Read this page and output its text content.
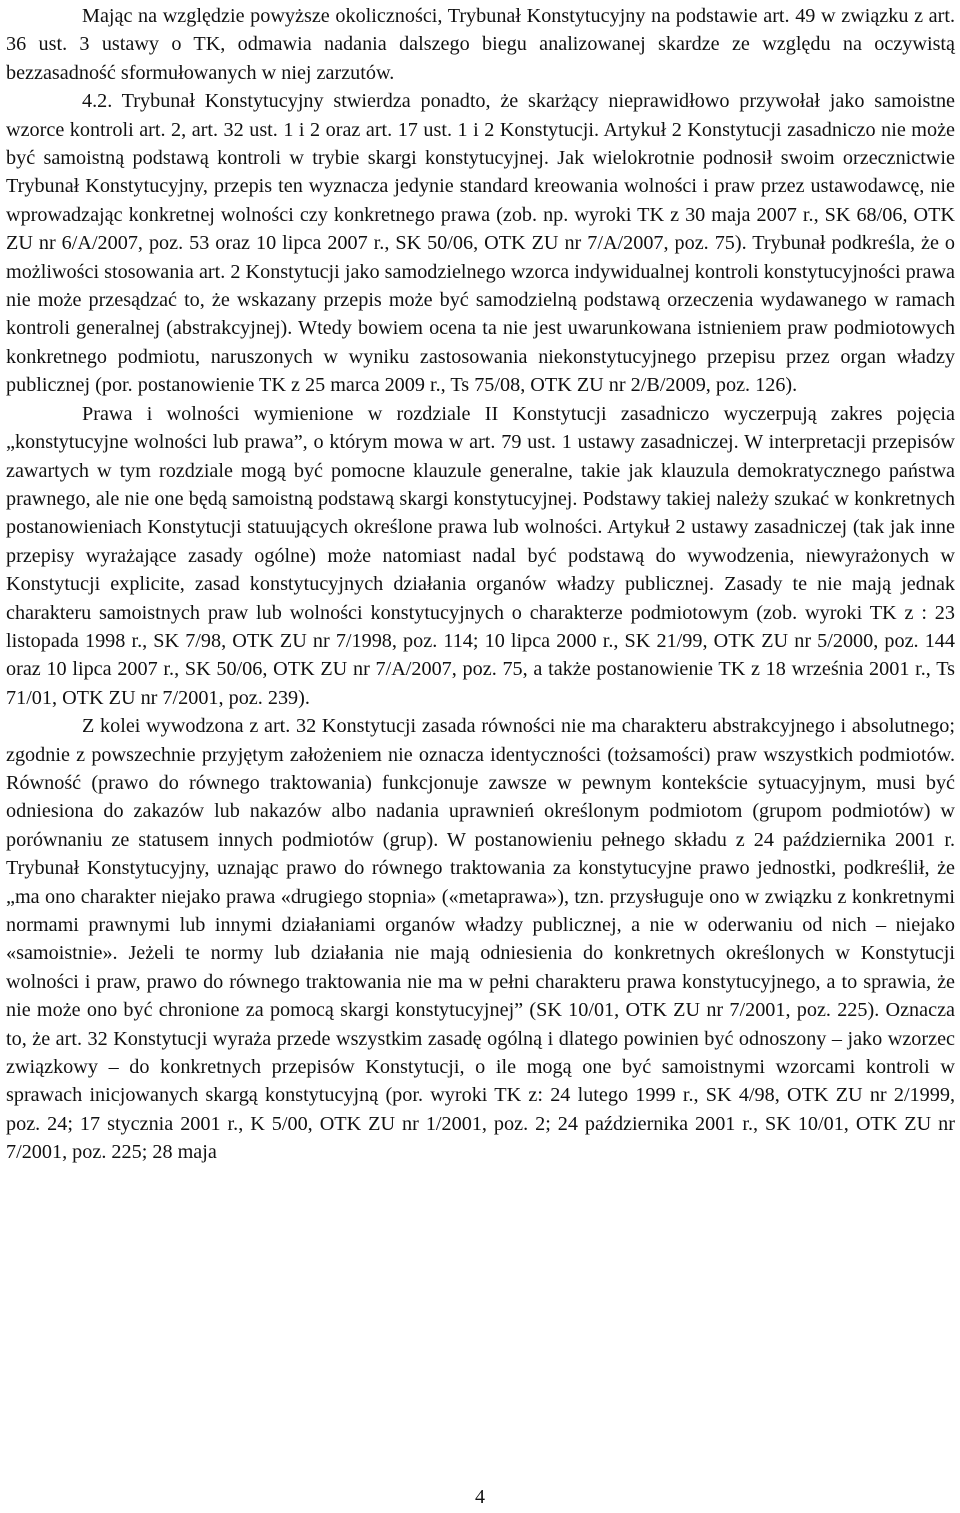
Mając na względzie powyższe okoliczności, Trybunał Konstytucyjny na podstawie art. 49 w związku z art. 36 ust. 3 ustawy o TK, odmawia nadania dalszego biegu analizowanej skardze ze względu na oczywistą bezzasadność sformułowanych w niej zarzutów.

4.2. Trybunał Konstytucyjny stwierdza ponadto, że skarżący nieprawidłowo przywołał jako samoistne wzorce kontroli art. 2, art. 32 ust. 1 i 2 oraz art. 17 ust. 1 i 2 Konstytucji. Artykuł 2 Konstytucji zasadniczo nie może być samoistną podstawą kontroli w trybie skargi konstytucyjnej. Jak wielokrotnie podnosił swoim orzecznictwie Trybunał Konstytucyjny, przepis ten wyznacza jedynie standard kreowania wolności i praw przez ustawodawcę, nie wprowadzając konkretnej wolności czy konkretnego prawa (zob. np. wyroki TK z 30 maja 2007 r., SK 68/06, OTK ZU nr 6/A/2007, poz. 53 oraz 10 lipca 2007 r., SK 50/06, OTK ZU nr 7/A/2007, poz. 75). Trybunał podkreśla, że o możliwości stosowania art. 2 Konstytucji jako samodzielnego wzorca indywidualnej kontroli konstytucyjności prawa nie może przesądzać to, że wskazany przepis może być samodzielną podstawą orzeczenia wydawanego w ramach kontroli generalnej (abstrakcyjnej). Wtedy bowiem ocena ta nie jest uwarunkowana istnieniem praw podmiotowych konkretnego podmiotu, naruszonych w wyniku zastosowania niekonstytucyjnego przepisu przez organ władzy publicznej (por. postanowienie TK z 25 marca 2009 r., Ts 75/08, OTK ZU nr 2/B/2009, poz. 126).

Prawa i wolności wymienione w rozdziale II Konstytucji zasadniczo wyczerpują zakres pojęcia „konstytucyjne wolności lub prawa”, o którym mowa w art. 79 ust. 1 ustawy zasadniczej. W interpretacji przepisów zawartych w tym rozdziale mogą być pomocne klauzule generalne, takie jak klauzula demokratycznego państwa prawnego, ale nie one będą samoistną podstawą skargi konstytucyjnej. Podstawy takiej należy szukać w konkretnych postanowieniach Konstytucji statuujących określone prawa lub wolności. Artykuł 2 ustawy zasadniczej (tak jak inne przepisy wyrażające zasady ogólne) może natomiast nadal być podstawą do wywodzenia, niewyrażonych w Konstytucji explicite, zasad konstytucyjnych działania organów władzy publicznej. Zasady te nie mają jednak charakteru samoistnych praw lub wolności konstytucyjnych o charakterze podmiotowym (zob. wyroki TK z : 23 listopada 1998 r., SK 7/98, OTK ZU nr 7/1998, poz. 114; 10 lipca 2000 r., SK 21/99, OTK ZU nr 5/2000, poz. 144 oraz 10 lipca 2007 r., SK 50/06, OTK ZU nr 7/A/2007, poz. 75, a także postanowienie TK z 18 września 2001 r., Ts 71/01, OTK ZU nr 7/2001, poz. 239).

Z kolei wywodzona z art. 32 Konstytucji zasada równości nie ma charakteru abstrakcyjnego i absolutnego; zgodnie z powszechnie przyjętym założeniem nie oznacza identyczności (tożsamości) praw wszystkich podmiotów. Równość (prawo do równego traktowania) funkcjonuje zawsze w pewnym kontekście sytuacyjnym, musi być odniesiona do zakazów lub nakazów albo nadania uprawnień określonym podmiotom (grupom podmiotów) w porównaniu ze statusem innych podmiotów (grup). W postanowieniu pełnego składu z 24 października 2001 r. Trybunał Konstytucyjny, uznając prawo do równego traktowania za konstytucyjne prawo jednostki, podkreślił, że „ma ono charakter niejako prawa «drugiego stopnia» («metaprawa»), tzn. przysługuje ono w związku z konkretnymi normami prawnymi lub innymi działaniami organów władzy publicznej, a nie w oderwaniu od nich – niejako «samoistnie». Jeżeli te normy lub działania nie mają odniesienia do konkretnych określonych w Konstytucji wolności i praw, prawo do równego traktowania nie ma w pełni charakteru prawa konstytucyjnego, a to sprawia, że nie może ono być chronione za pomocą skargi konstytucyjnej” (SK 10/01, OTK ZU nr 7/2001, poz. 225). Oznacza to, że art. 32 Konstytucji wyraża przede wszystkim zasadę ogólną i dlatego powinien być odnoszony – jako wzorzec związkowy – do konkretnych przepisów Konstytucji, o ile mogą one być samoistnymi wzorcami kontroli w sprawach inicjowanych skargą konstytucyjną (por. wyroki TK z: 24 lutego 1999 r., SK 4/98, OTK ZU nr 2/1999, poz. 24; 17 stycznia 2001 r., K 5/00, OTK ZU nr 1/2001, poz. 2; 24 października 2001 r., SK 10/01, OTK ZU nr 7/2001, poz. 225; 28 maja

4
